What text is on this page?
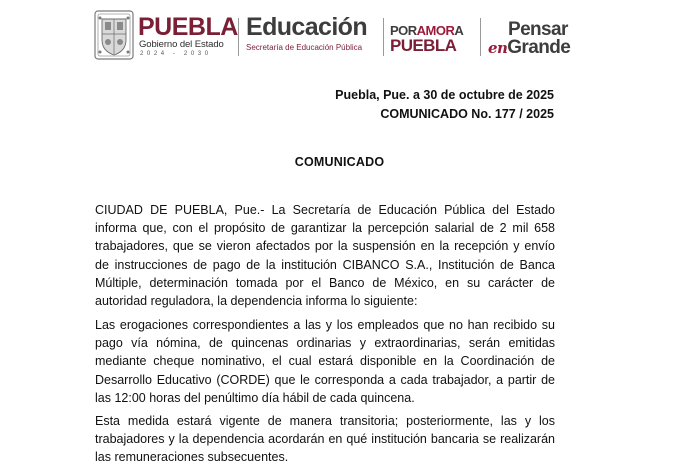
PUEBLA
Gobierno del Estado
2024 - 2030
Educación
Secretaría de Educación Pública
PORAMORA
PUEBLA
Pensar
enGrande
Puebla, Pue. a 30 de octubre de 2025
COMUNICADO No. 177 / 2025
COMUNICADO

CIUDAD DE PUEBLA, Pue.- La Secretaría de Educación Pública del Estado informa que, con el propósito de garantizar la percepción salarial de 2 mil 658 trabajadores, que se vieron afectados por la suspensión en la recepción y envío de instrucciones de pago de la institución CIBANCO S.A., Institución de Banca Múltiple, determinación tomada por el Banco de México, en su carácter de autoridad reguladora, la dependencia informa lo siguiente:

Las erogaciones correspondientes a las y los empleados que no han recibido su pago vía nómina, de quincenas ordinarias y extraordinarias, serán emitidas mediante cheque nominativo, el cual estará disponible en la Coordinación de Desarrollo Educativo (CORDE) que le corresponda a cada trabajador, a partir de las 12:00 horas del penúltimo día hábil de cada quincena.

Esta medida estará vigente de manera transitoria; posteriormente, las y los trabajadores y la dependencia acordarán en qué institución bancaria se realizarán las remuneraciones subsecuentes.
